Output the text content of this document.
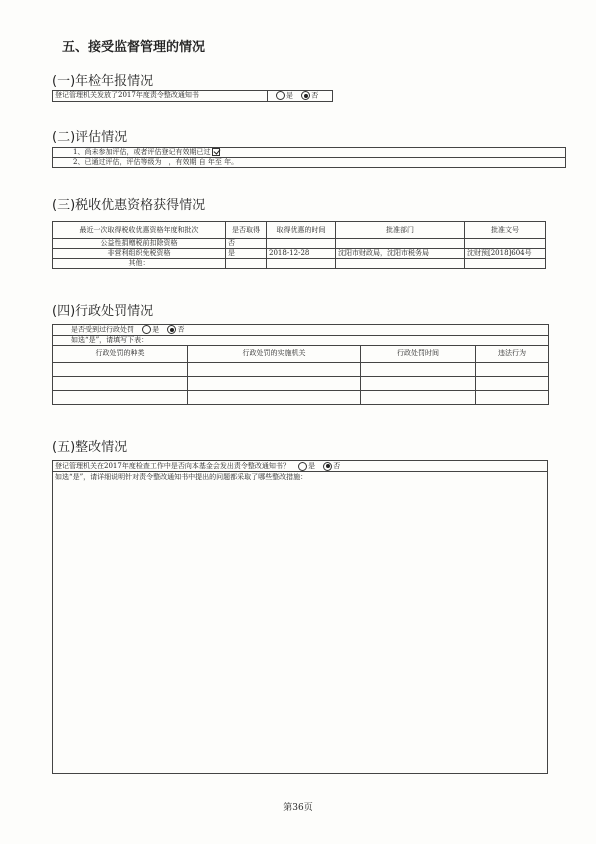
五、接受监督管理的情况
(一)年检年报情况
登记管理机关发放了2017年度责令整改通知书	是	否
(二)评估情况
1、尚未参加评估，或者评估登记有效期已过
2、已通过评估，评估等级为　，有效期 自 年至 年。
(三)税收优惠资格获得情况
最近一次取得税收优惠资格年度和批次	是否取得	取得优惠的时间	批准部门	批准文号
公益性捐赠税前扣除资格	否			
非营利组织免税资格	是	2018-12-28	沈阳市财政局，沈阳市税务局	沈财预[2018]604号
其他：				
(四)行政处罚情况
是否受到过行政处罚 是 否			
如选“是”，请填写下表：			
行政处罚的种类	行政处罚的实施机关	行政处罚时间	违法行为

(五)整改情况
登记管理机关在2017年度检查工作中是否向本基金会发出责令整改通知书？	是	否
如选“是”，请详细说明针对责令整改通知书中提出的问题都采取了哪些整改措施：
第36页
